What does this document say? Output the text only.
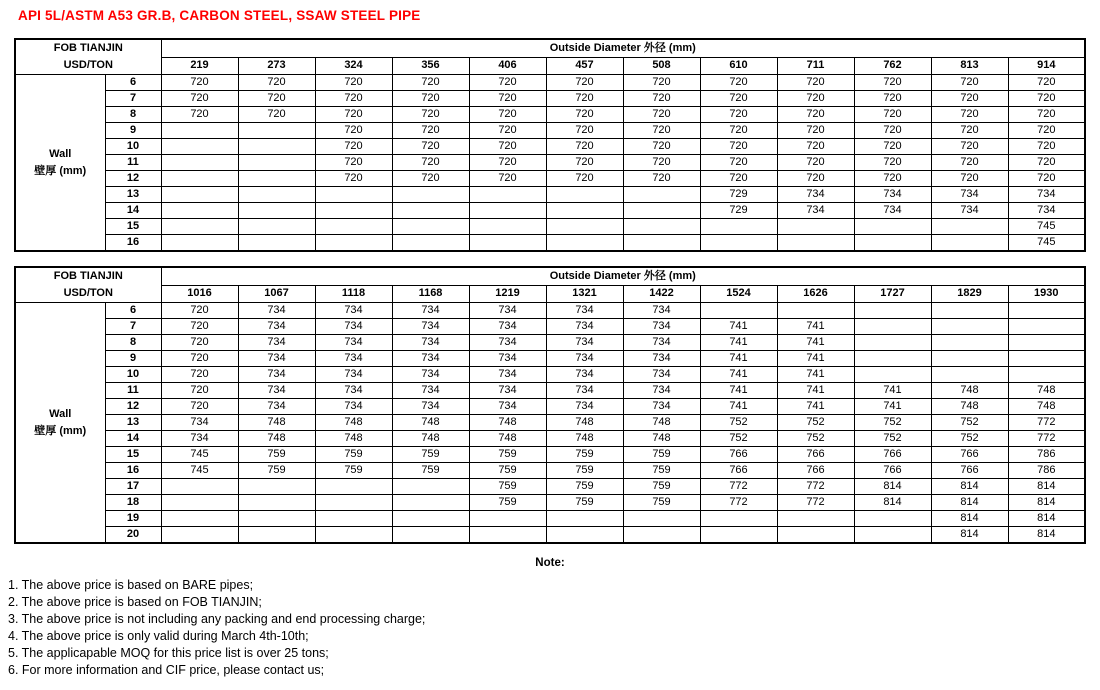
API 5L/ASTM A53 GR.B, CARBON STEEL, SSAW STEEL PIPE
FOB TIANJIN
USD/TON		Outside Diameter 外径 (mm)											
		219	273	324	356	406	457	508	610	711	762	813	914

Wall
壁厚 (mm)	6	720	720	720	720	720	720	720	720	720	720	720	720
	7	720	720	720	720	720	720	720	720	720	720	720	720
	8	720	720	720	720	720	720	720	720	720	720	720	720
	9			720	720	720	720	720	720	720	720	720	720
	10			720	720	720	720	720	720	720	720	720	720
	11			720	720	720	720	720	720	720	720	720	720
	12			720	720	720	720	720	720	720	720	720	720
	13								729	734	734	734	734
	14								729	734	734	734	734
	15												745
	16												745
FOB TIANJIN
USD/TON		Outside Diameter 外径 (mm)											
		1016	1067	1118	1168	1219	1321	1422	1524	1626	1727	1829	1930

Wall
壁厚 (mm)	6	720	734	734	734	734	734	734					
	7	720	734	734	734	734	734	734	741	741			
	8	720	734	734	734	734	734	734	741	741			
	9	720	734	734	734	734	734	734	741	741			
	10	720	734	734	734	734	734	734	741	741			
	11	720	734	734	734	734	734	734	741	741	741	748	748
	12	720	734	734	734	734	734	734	741	741	741	748	748
	13	734	748	748	748	748	748	748	752	752	752	752	772
	14	734	748	748	748	748	748	748	752	752	752	752	772
	15	745	759	759	759	759	759	759	766	766	766	766	786
	16	745	759	759	759	759	759	759	766	766	766	766	786
	17					759	759	759	772	772	814	814	814
	18					759	759	759	772	772	814	814	814
	19											814	814
	20											814	814
Note:
1. The above price is based on BARE pipes;
2. The above price is based on FOB TIANJIN;
3. The above price is not including any packing and end processing charge;
4. The above price is only valid during March 4th-10th;
5. The applicapable MOQ for this price list is over 25 tons;
6. For more information and CIF price, please contact us;
